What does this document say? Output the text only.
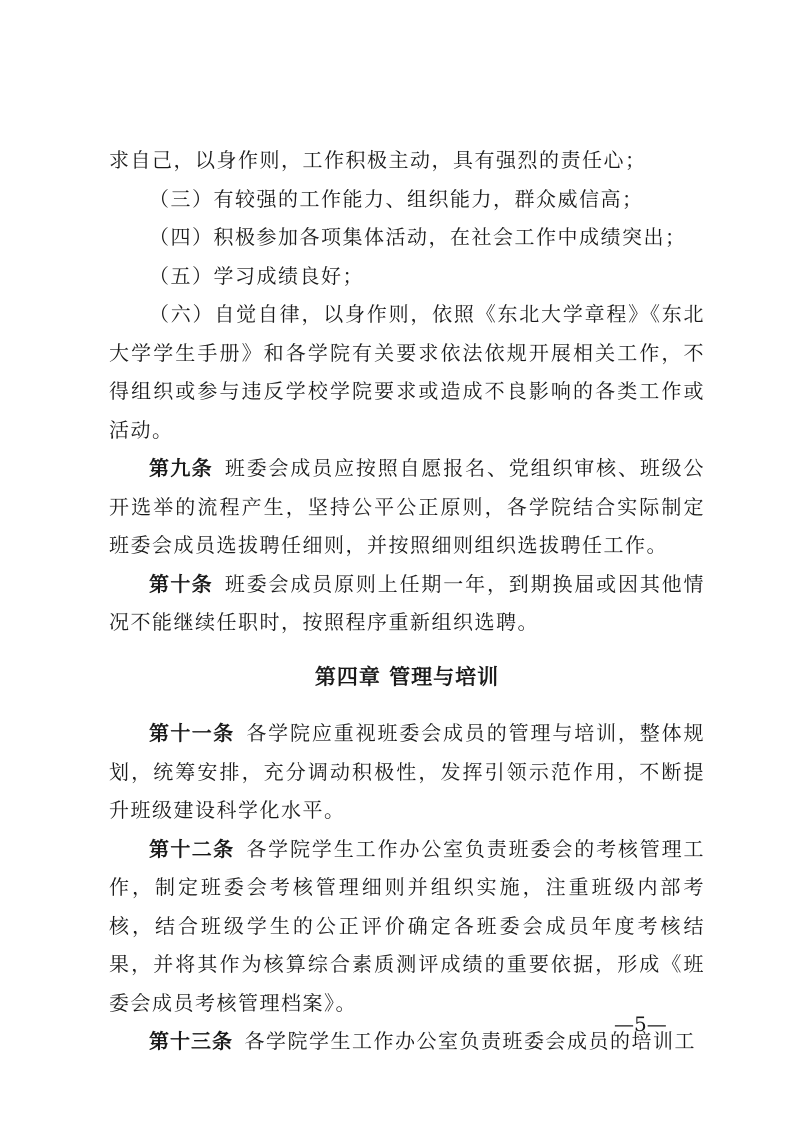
求自己，以身作则，工作积极主动，具有强烈的责任心；

（三）有较强的工作能力、组织能力，群众威信高；

（四）积极参加各项集体活动，在社会工作中成绩突出；

（五）学习成绩良好；

（六）自觉自律，以身作则，依照《东北大学章程》《东北大学学生手册》和各学院有关要求依法依规开展相关工作，不得组织或参与违反学校学院要求或造成不良影响的各类工作或活动。

第九条  班委会成员应按照自愿报名、党组织审核、班级公开选举的流程产生，坚持公平公正原则，各学院结合实际制定班委会成员选拔聘任细则，并按照细则组织选拔聘任工作。

第十条  班委会成员原则上任期一年，到期换届或因其他情况不能继续任职时，按照程序重新组织选聘。

第四章 管理与培训

第十一条  各学院应重视班委会成员的管理与培训，整体规划，统筹安排，充分调动积极性，发挥引领示范作用，不断提升班级建设科学化水平。

第十二条  各学院学生工作办公室负责班委会的考核管理工作，制定班委会考核管理细则并组织实施，注重班级内部考核，结合班级学生的公正评价确定各班委会成员年度考核结果，并将其作为核算综合素质测评成绩的重要依据，形成《班委会成员考核管理档案》。

第十三条  各学院学生工作办公室负责班委会成员的培训工

—5—
